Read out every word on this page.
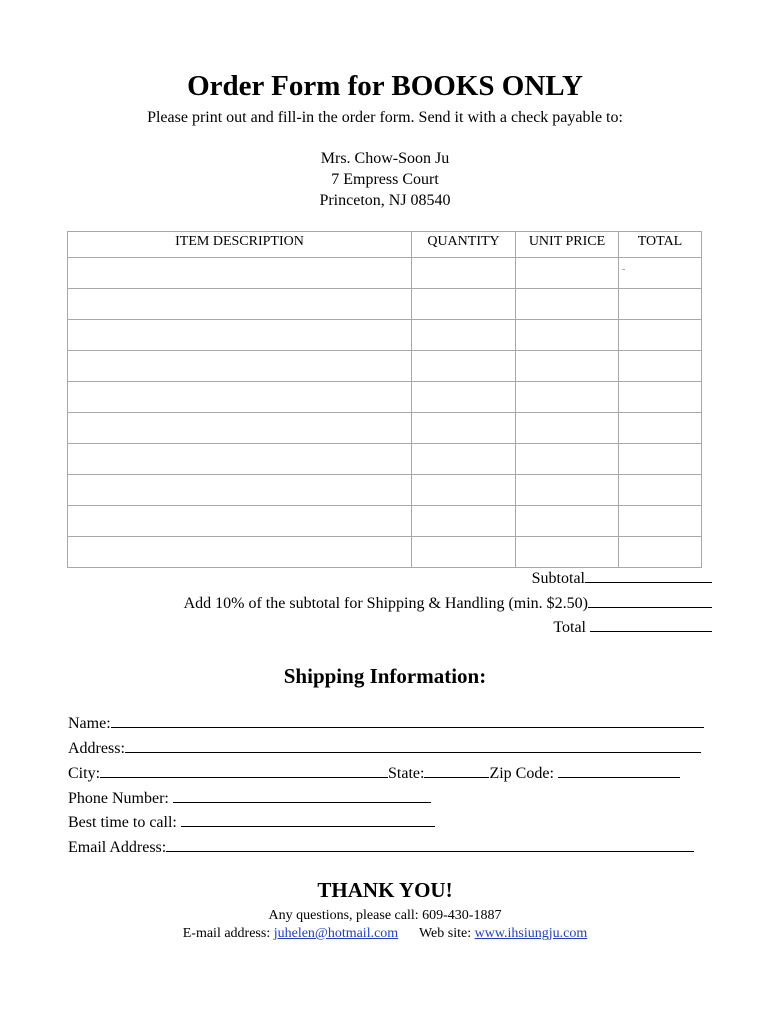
Order Form for BOOKS ONLY
Please print out and fill-in the order form. Send it with a check payable to:
Mrs. Chow-Soon Ju
7 Empress Court
Princeton, NJ 08540
ITEM DESCRIPTION	QUANTITY	UNIT PRICE	TOTAL
			-

Subtotal
Add 10% of the subtotal for Shipping & Handling (min. $2.50)
Total
Shipping Information:
Name:
Address:
City:	State:	Zip Code:
Phone Number:
Best time to call:
Email Address:
THANK YOU!
Any questions, please call: 609-430-1887
E-mail address: juhelen@hotmail.com Web site: www.ihsiungju.com
